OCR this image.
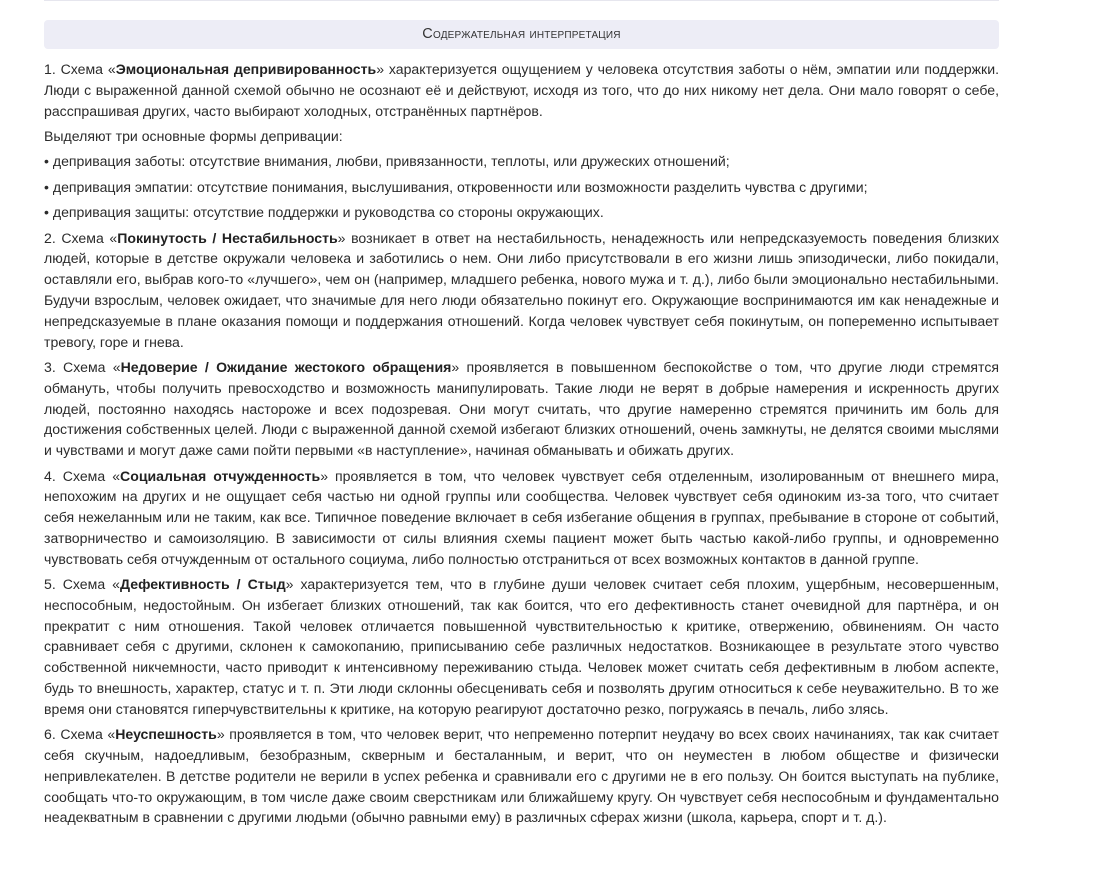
Содержательная интерпретация

1. Схема «Эмоциональная депривированность» характеризуется ощущением у человека отсутствия заботы о нём, эмпатии или поддержки. Люди с выраженной данной схемой обычно не осознают её и действуют, исходя из того, что до них никому нет дела. Они мало говорят о себе, расспрашивая других, часто выбирают холодных, отстранённых партнёров.

Выделяют три основные формы депривации:

• депривация заботы: отсутствие внимания, любви, привязанности, теплоты, или дружеских отношений;

• депривация эмпатии: отсутствие понимания, выслушивания, откровенности или возможности разделить чувства с другими;

• депривация защиты: отсутствие поддержки и руководства со стороны окружающих.

2. Схема «Покинутость / Нестабильность» возникает в ответ на нестабильность, ненадежность или непредсказуемость поведения близких людей, которые в детстве окружали человека и заботились о нем. Они либо присутствовали в его жизни лишь эпизодически, либо покидали, оставляли его, выбрав кого-то «лучшего», чем он (например, младшего ребенка, нового мужа и т. д.), либо были эмоционально нестабильными. Будучи взрослым, человек ожидает, что значимые для него люди обязательно покинут его. Окружающие воспринимаются им как ненадежные и непредсказуемые в плане оказания помощи и поддержания отношений. Когда человек чувствует себя покинутым, он попеременно испытывает тревогу, горе и гнева.

3. Схема «Недоверие / Ожидание жестокого обращения» проявляется в повышенном беспокойстве о том, что другие люди стремятся обмануть, чтобы получить превосходство и возможность манипулировать. Такие люди не верят в добрые намерения и искренность других людей, постоянно находясь настороже и всех подозревая. Они могут считать, что другие намеренно стремятся причинить им боль для достижения собственных целей. Люди с выраженной данной схемой избегают близких отношений, очень замкнуты, не делятся своими мыслями и чувствами и могут даже сами пойти первыми «в наступление», начиная обманывать и обижать других.

4. Схема «Социальная отчужденность» проявляется в том, что человек чувствует себя отделенным, изолированным от внешнего мира, непохожим на других и не ощущает себя частью ни одной группы или сообщества. Человек чувствует себя одиноким из-за того, что считает себя нежеланным или не таким, как все. Типичное поведение включает в себя избегание общения в группах, пребывание в стороне от событий, затворничество и самоизоляцию. В зависимости от силы влияния схемы пациент может быть частью какой-либо группы, и одновременно чувствовать себя отчужденным от остального социума, либо полностью отстраниться от всех возможных контактов в данной группе.

5. Схема «Дефективность / Стыд» характеризуется тем, что в глубине души человек считает себя плохим, ущербным, несовершенным, неспособным, недостойным. Он избегает близких отношений, так как боится, что его дефективность станет очевидной для партнёра, и он прекратит с ним отношения. Такой человек отличается повышенной чувствительностью к критике, отвержению, обвинениям. Он часто сравнивает себя с другими, склонен к самокопанию, приписыванию себе различных недостатков. Возникающее в результате этого чувство собственной никчемности, часто приводит к интенсивному переживанию стыда. Человек может считать себя дефективным в любом аспекте, будь то внешность, характер, статус и т. п. Эти люди склонны обесценивать себя и позволять другим относиться к себе неуважительно. В то же время они становятся гиперчувствительны к критике, на которую реагируют достаточно резко, погружаясь в печаль, либо злясь.

6. Схема «Неуспешность» проявляется в том, что человек верит, что непременно потерпит неудачу во всех своих начинаниях, так как считает себя скучным, надоедливым, безобразным, скверным и бесталанным, и верит, что он неуместен в любом обществе и физически непривлекателен. В детстве родители не верили в успех ребенка и сравнивали его с другими не в его пользу. Он боится выступать на публике, сообщать что-то окружающим, в том числе даже своим сверстникам или ближайшему кругу. Он чувствует себя неспособным и фундаментально неадекватным в сравнении с другими людьми (обычно равными ему) в различных сферах жизни (школа, карьера, спорт и т. д.).
